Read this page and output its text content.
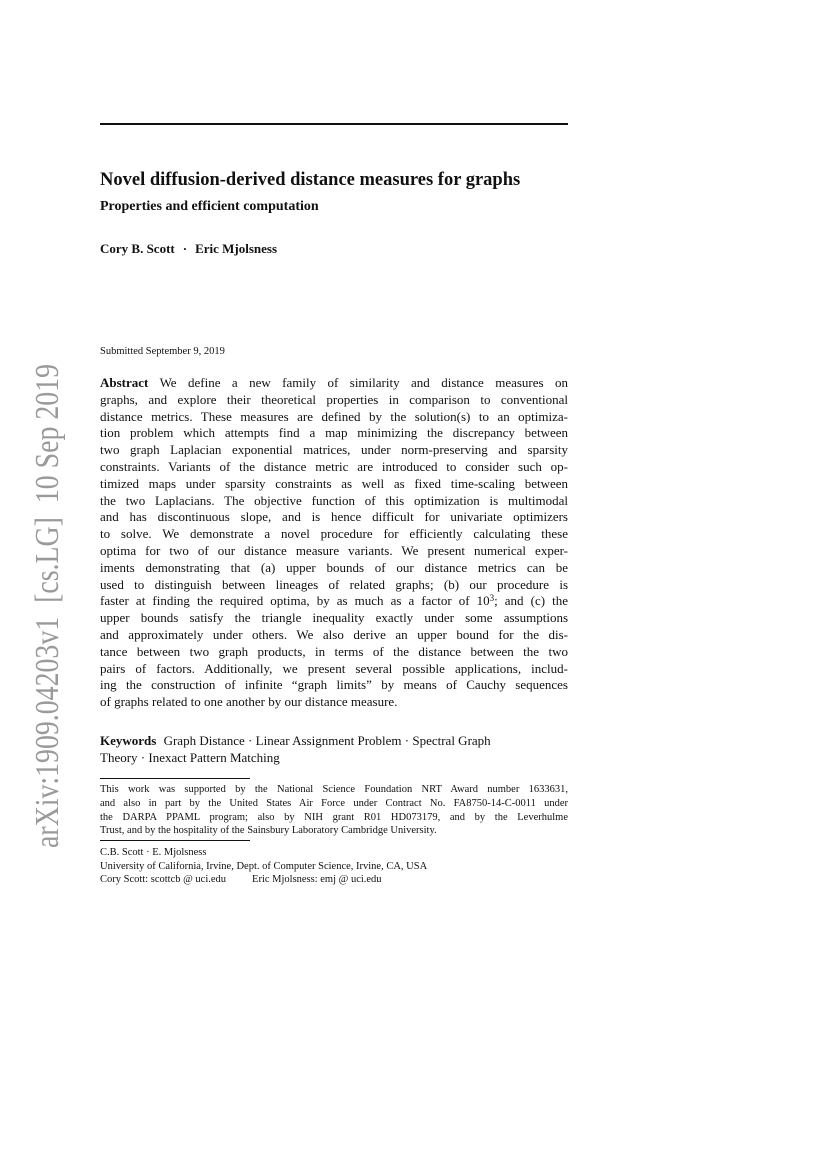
Novel diffusion-derived distance measures for graphs
Properties and efficient computation
Cory B. Scott · Eric Mjolsness
Submitted September 9, 2019
Abstract We define a new family of similarity and distance measures on
graphs, and explore their theoretical properties in comparison to conventional
distance metrics. These measures are defined by the solution(s) to an optimiza-
tion problem which attempts find a map minimizing the discrepancy between
two graph Laplacian exponential matrices, under norm-preserving and sparsity
constraints. Variants of the distance metric are introduced to consider such op-
timized maps under sparsity constraints as well as fixed time-scaling between
the two Laplacians. The objective function of this optimization is multimodal
and has discontinuous slope, and is hence difficult for univariate optimizers
to solve. We demonstrate a novel procedure for efficiently calculating these
optima for two of our distance measure variants. We present numerical exper-
iments demonstrating that (a) upper bounds of our distance metrics can be
used to distinguish between lineages of related graphs; (b) our procedure is
faster at finding the required optima, by as much as a factor of $10^3$; and (c) the
upper bounds satisfy the triangle inequality exactly under some assumptions
and approximately under others. We also derive an upper bound for the dis-
tance between two graph products, in terms of the distance between the two
pairs of factors. Additionally, we present several possible applications, includ-
ing the construction of infinite “graph limits” by means of Cauchy sequences
of graphs related to one another by our distance measure.
Keywords Graph Distance · Linear Assignment Problem · Spectral Graph
Theory · Inexact Pattern Matching
This work was supported by the National Science Foundation NRT Award number 1633631,
and also in part by the United States Air Force under Contract No. FA8750-14-C-0011 under
the DARPA PPAML program; also by NIH grant R01 HD073179, and by the Leverhulme
Trust, and by the hospitality of the Sainsbury Laboratory Cambridge University.
C.B. Scott · E. Mjolsness
University of California, Irvine, Dept. of Computer Science, Irvine, CA, USA
Cory Scott: scottcb @ uci.edu Eric Mjolsness: emj @ uci.edu
arXiv:1909.04203v1  [cs.LG]  10 Sep 2019
